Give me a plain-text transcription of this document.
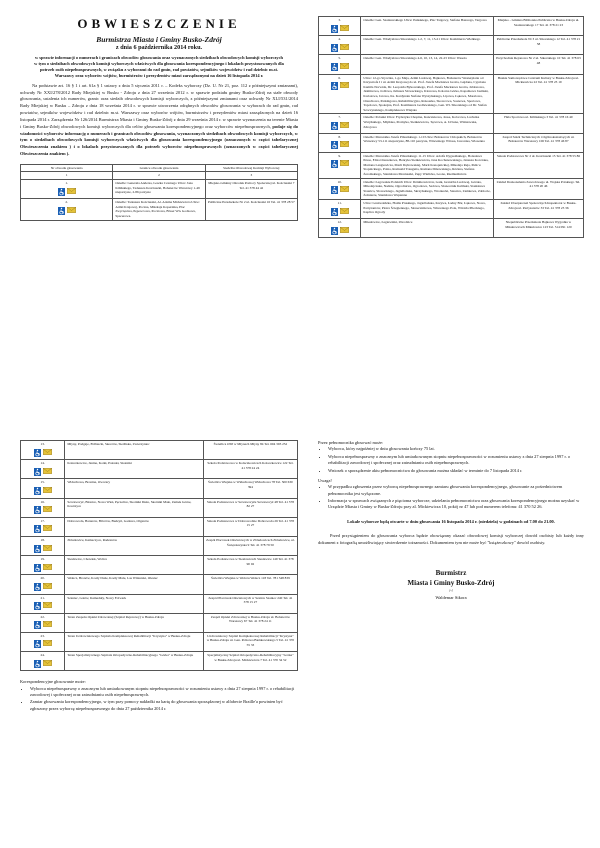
OBWIESZCZENIE
Burmistrza Miasta i Gminy Busko-Zdrój
z dnia 6 października 2014 roku.
w sprawie informacji o numerach i granicach obwodów głosowania oraz wyznaczonych siedzibach obwodowych komisji wyborczych w tym o siedzibach obwodowych komisji wyborczych właściwych dla głosowania korespondencyjnego i lokalach przystosowanych dla potrzeb osób niepełnosprawnych, w związku z wyborami do rad gmin, rad powiatów, sejmików województw i rad dzielnic m.st. Warszawy oraz wyborów wójtów, burmistrzów i prezydentów miast zarządzonymi na dzień 16 listopada 2014 r.
Na podstawie art. 16 § 1 i art. 61a § 1 ustawy z dnia 5 stycznia 2011 r. – Kodeks wyborczy (Dz. U. Nr 21, poz. 112 z późniejszymi zmianami), uchwały Nr XXI/278/2012 Rady Miejskiej w Busku - Zdroju z dnia 27 września 2012 r. w sprawie podziału gminy Busko-Zdrój na stałe obwody głosowania, ustalenia ich numerów, granic oraz siedzib obwodowych komisji wyborczych, z późniejszymi zmianami oraz uchwały Nr XLI/531/2014 Rady Miejskiej w Busku – Zdroju z dnia 18 września 2014 r. w sprawie utworzenia odrębnych obwodów głosowania w wyborach do rad gmin, rad powiatów, sejmików województw i rad dzielnic m.st. Warszawy oraz wyborów wójtów, burmistrzów i prezydentów miast zarządzonych na dzień 16 listopada 2014 r. Zarządzenia Nr 126/2014 Burmistrza Miasta i Gminy Busko-Zdrój z dnia 29 września 2014 r. w sprawie wyznaczenia na terenie Miasta i Gminy Busko-Zdrój obwodowych komisji wyborczych dla celów głosowania korespondencyjnego oraz wyborców niepełnosprawnych, podaje się do wiadomości wyborców informację o numerach i granicach obwodów głosowania, wyznaczonych siedzibach obwodowych komisji wyborczych, w tym o siedzibach obwodowych komisji wyborczych właściwych dla głosowania korespondencyjnego (oznaczonych w części tabelarycznej Obwieszczenia znakiem ) i o lokalach przystosowanych dla potrzeb wyborców niepełnosprawnych (oznaczonych w części tabelarycznej Obwieszczenia znakiem ).
Nr obwodu głosowania	Granice obwodu głosowania	Siedziba Obwodowej Komisji Wyborczej
1	2	3

1.	Osiedle: Generała Andersa, Leszka Czarnego Ulice: Jana Kilińskiego, Tadeusza Kościuszki, Bohaterów Warszawy 1-49 nieparzyste, 2-86 parzyste	Miejsko-Gminny Ośrodek Pomocy Społecznej ul. Kościuszki 7 Tel. 41 378 44 42

2.	Osiedle: Tadeusza Kościuszki, Al. Adama Mickiewicza Ulice: Armii Krajowej, Poczna, Mikołaja Kopernika, Plac Zwycięstwa, Pępowcowa, Pocztowa, Biwer WG Godzowa, Spacerowa.	Publiczne Przedszkole Nr 2 ul. Kościuszki 16 Tel. 41 378 28 57
3.	Osiedle: Gen. Szaniawskiego Ulice: Pułaskiego, Plac Targowy, Stefana Batorego, Targowa	Miejsko - Gminna Biblioteka Publiczna w Busku-Zdroju ul. Szaniawskiego 17 Tel. 41 378 21 23

4.	Osiedle: Gen. Władysława Sikorskiego 1-2, 7, 11, 15-21 Ulice: Kazimierza Wielkiego	Publiczne Przedszkole Nr 3 ul. Sikorskiego 12 Tel. 41 378 21 58

5.	Osiedle: Gen. Władysława Sikorskiego 4-6, 10, 13, 14, 22-23 Ulice: Wesoła	Przychodnia Rejonowa Nr 2 ul. Sikorskiego 10 Tel. 41 378 63 48

6.	Ulice: 12-go Stycznia, 1-go Maja, Armii Ludowej, Bajkowa, Bohaterów Westerplatte od Krzysztofa I i ul. Armii Krajowej do ul. Prof. Józefa Mackiewa Grotta, Gajdana, Cypriana Kamila Norwida, Dr. Leopolda Bykowskiego, Prof. Józefa Mackiewa Grotta, Jabłonowa, Jaśminowa, Jodłowa, Juliusza Słowackiego, Klonowa, Kolorna Górka, Kopalnowa Jasiński, Kwiatowa, Jarowa, Ks. Kardynała Stefana Wyszyńskiego, Lipowa, Łąkowa, Morelowa, Orzechowa, Parkingowa, Rehabilitacyjna, Rokoszka, Skowcowa, Sosnowa, Sportowa, Topolowa, Spokojna, Prof. Kazimierza Godlewskiego, Gen. Wł. Sikorskiego od Dr. Stefan Szoczynskiego, Kompleksowa Wiejska	Buskie Samorządowe Centrum Kultury w Busku-Zdroju ul. Mickiewicza 22 Tel. 41 378 23 19

7.	Osiedle: Polanki Ulice: Fryderyka Chopina, Kanczukowa, Jesse, Kolorowa, Ludwika Waryńskiego, Młyńska, Promyka, Sienkiewicza, Tęczowa, A. Urbana, Wiśniowska, Zdrojowa	Hala Sportowa ul. Kilińskiego 3 Tel. 41 378 16 40

8.	Osiedle: Marszałka Józefa Piłsudskiego 1-10 Ulice: Bohaterów Chłopskich, Bohaterów Warszawy 53-111 nieparzyste, 88-110 parzyste, Wincentego Witosa, Jaworska, Wiosenna	Zespół Szkół Technicznych i Ogólnokształcących ul. Bohaterów Warszawy 106 Tel. 41 378 46 87

9.	Osiedle: Marszałka Józefa Piłsudskiego 11-15 Ulice: Adolfa Dygasińskiego, Bolesława Prusa, Eliza Orzeszkowa, Henryka Sienkiewicza, Jana Kochanowskiego, Janusza Korczaka, Mariana Langiewicza, Marii Dąbrowskiej, Marii Konopnickiej, Mikołaja Reja, Pułk w Stopnickiego, Polna, Romuald Traugutta, Romana Dmowskiego, Różana, Stefana Żeromskiego, Stanisława Moniuszki, Żupy Wielicka, Leona, Rzemieślnicza	Szkoła Podstawowa Nr 2 ul. Kościuszki 15 Tel. 41 378 55 86

10.	Osiedle: Łagowskie Polskich Ulice: Działkowiczów, Gaik, Granicha Ludowej, Górska, Mikołajczuka, Nadnie, Ogrodnicza, Ogrodowa, Sadowa, Słonecznik Kaliński, Stanisława Staszica, Słowackiego, Jagiellońska, Skrzyńskiego, Wroniecki, Staszica, Zamkowa, Zabłocie, Żołnierze, Stanisława Wapienna	Zakład Doskonalenia Zawodowego ul. Wojska Polskiego Tel. 41 378 20 46

11.	Ulice: Grunwaldzka, Hołdu Pruskiego, Jagiellońska, Krzywa, Ładny Bór, Łąkowa, Nowa, Partyzantów, Piotra Ściegiennego, Słonecznikowa, Wincentego Pola, Witolda Pileckiego, Kaplica Ogrody	Zakład Ubezpieczeń Społecznych Inspektorat w Busku-Zdroju ul. Partyzantów 33 Tel. 41 378 23 36

12.	Mikułowice, Łagiewniki, Zbrodzice	Niepubliczne Przedszkole Bajkowa Wygódka w Mikułowicach Mikułowice 123 Tel. 514 091 120
13.	Młyny, Podgaje, Elżbiecin, Skorzów, Siedliska, Zwierzyniec	Świetlica OSP w Młynach Młyny 84 Tel. 604 393 252

14.	Kołaczkowice, Janina, Kotki, Palonki, Skotniki	Szkoła Podstawowa w Kołaczkowicach Kołaczkowice 122 Tel. 41 378 24 24

15.	Widuchowa, Bronina, Owczary	Świetlica Wiejska w Widuchowej Widuchowa 78 Tel. 500 630 394

16.	Szczaworyż, Błonice, Nowa Wieś, Pęczelice, Skotniki Duże, Skotniki Małe, Zemek Górne, Kostrzyce	Szkoła Podstawowa w Szczaworyżu Szczaworyż 48 Tel. 41 378 82 27

17.	Dobrowoda, Baranów, Bilczów, Budzyń, Gadawa, Olganów	Szkoła Podstawowa w Dobrowodzie Dobrowoda 26 Tel. 41 378 15 27

18.	Zbludowice, Kameczyce, Radzanów	Zespół Placówek Oświatowych w Zbludowicach Zbludowice, ul. Świętokrzyska 9 Tel. 41 378 79 50

19.	Siesławice, Chotelek, Wolica	Szkoła Podstawowa w Siesławicach Siesławice 149 Tel. 41 378 90 02

20.	Wełecz, Bronów, Kozły Duże, Kozły Małe, Las Winiarski, Olesiec	Świetlica Wiejska w Wełczu Wełecz 118 Tel. 781 348 839

21.	Szaniec, Galów, Kameduły, Nowy Folwark	Zespół Placówek Oświatowych w Szańcu Szaniec 240 Tel. 41 378 15 27

22.	Teren Zespołu Opieki Zdrowotnej (Szpital Rejonowy) w Busku-Zdroju	Zespół Opieki Zdrowotnej w Busku-Zdroju ul. Bohaterów Warszawy 67 Tel. 41 378 24 11

23.	Teren Uzdrowiskowego Szpitala Kompleksowej Rehabilitacji "Krystyna" w Busku-Zdroju	Uzdrowiskowy Szpital Kompleksowej Rehabilitacji "Krystyna" w Busku-Zdroju ul. Gen. Polkowa Bieńkowskiego 5 Tel. 41 370 55 33

24.	Teren Specjalistycznego Szpitala Ortopedyczno-Rehabilitacyjnego "Górka" w Busku-Zdroju	Specjalistyczny Szpital Ortopedyczno-Rehabilitacyjny "Górka" w Busku-Zdroju ul. Mickiewicza 7 Tel. 41 370 34 52
Korespondencyjne głosowanie może:
• Wyborca niepełnosprawny o znacznym lub umiarkowanym stopniu niepełnosprawności w rozumieniu ustawy z dnia 27 sierpnia 1997 r. o rehabilitacji zawodowej i społecznej oraz zatrudnianiu osób niepełnosprawnych.
• Zamiar głosowania korespondencyjnego, w tym przy pomocy nakładki na kartę do głosowania sporządzonej w alfabecie Braille'a powinien być zgłoszony przez wyborcę niepełnosprawnego do dnia 27 października 2014 r.
Przez pełnomocnika głosować może:
• Wyborca, który najpóźniej w dniu głosowania kończy 75 lat.
• Wyborca niepełnosprawny o znacznym lub umiarkowanym stopniu niepełnosprawności w rozumieniu ustawy z dnia 27 sierpnia 1997 r. o rehabilitacji zawodowej i społecznej oraz zatrudnianiu osób niepełnosprawnych.
• Wniosek o sporządzenie aktu pełnomocnictwa do głosowania można składać w terminie do 7 listopada 2014 r.
Uwaga!
• W przypadku zgłoszenia przez wyborcę niepełnosprawnego zamiaru głosowania korespondencyjnego, głosowanie za pośrednictwem pełnomocnika jest wyłączone.
• Informacja w sprawach związanych z pięcioma wyborcze, udzielania pełnomocnictwa oraz głosowania korespondencyjnego można uzyskać w Urzędzie Miasta i Gminy w Busku-Zdroju przy al. Mickiewicza 10, pokój nr 47 lub pod numerem telefonu: 41 370 52 26.
Lokale wyborcze będą otwarte w dniu głosowania 16 listopada 2014 r. (niedziela) w godzinach od 7.00 do 21.00.
Przed przystąpieniem do głosowania wyborca będzie obowiązany okazać obwodowej komisji wyborczej dowód osobisty lub każdy inny dokument z fotografią umożliwiający stwierdzenie tożsamości. Dokumentem tym nie może być "książeczkowy" dowód osobisty.
Burmistrz
Miasta i Gminy Busko-Zdrój
/-/
Waldemar Sikora
